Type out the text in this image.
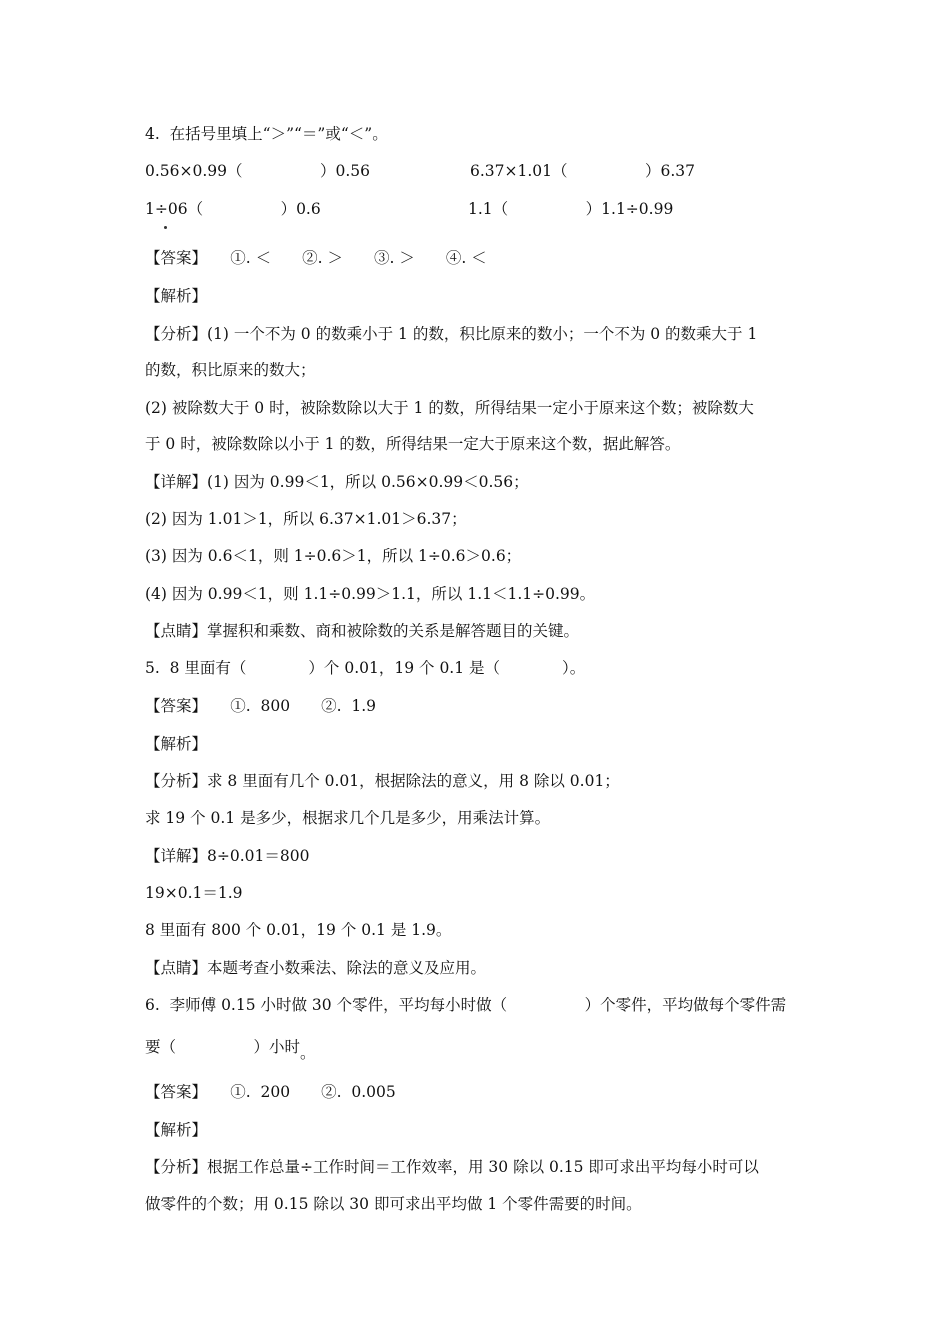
4.  在括号里填上“＞”“＝”或“＜”。
0.56×0.99（　　　　　）0.56	6.37×1.01（　　　　　）6.37
1÷06（　　　　　）0.6	1.1（　　　　　）1.1÷0.99
【答案】　　①. ＜　　②. ＞　　③. ＞　　④. ＜
【解析】
【分析】(1) 一个不为 0 的数乘小于 1 的数，积比原来的数小；一个不为 0 的数乘大于 1
的数，积比原来的数大；
(2) 被除数大于 0 时，被除数除以大于 1 的数，所得结果一定小于原来这个数；被除数大
于 0 时，被除数除以小于 1 的数，所得结果一定大于原来这个数，据此解答。
【详解】(1) 因为 0.99＜1，所以 0.56×0.99＜0.56；
(2) 因为 1.01＞1，所以 6.37×1.01＞6.37；
(3) 因为 0.6＜1，则 1÷0.6＞1，所以 1÷0.6＞0.6；
(4) 因为 0.99＜1，则 1.1÷0.99＞1.1，所以 1.1＜1.1÷0.99。
【点睛】掌握积和乘数、商和被除数的关系是解答题目的关键。
5.  8 里面有（　　　　）个 0.01，19 个 0.1 是（　　　　）。
【答案】　　①.  800　　②.  1.9
【解析】
【分析】求 8 里面有几个 0.01，根据除法的意义，用 8 除以 0.01；
求 19 个 0.1 是多少，根据求几个几是多少，用乘法计算。
【详解】8÷0.01＝800
19×0.1＝1.9
8 里面有 800 个 0.01，19 个 0.1 是 1.9。
【点睛】本题考查小数乘法、除法的意义及应用。
6.  李师傅 0.15 小时做 30 个零件，平均每小时做（　　　　　）个零件，平均做每个零件需
要（　　　　　）小时。
【答案】　　①.  200　　②.  0.005
【解析】
【分析】根据工作总量÷工作时间＝工作效率，用 30 除以 0.15 即可求出平均每小时可以
做零件的个数；用 0.15 除以 30 即可求出平均做 1 个零件需要的时间。
